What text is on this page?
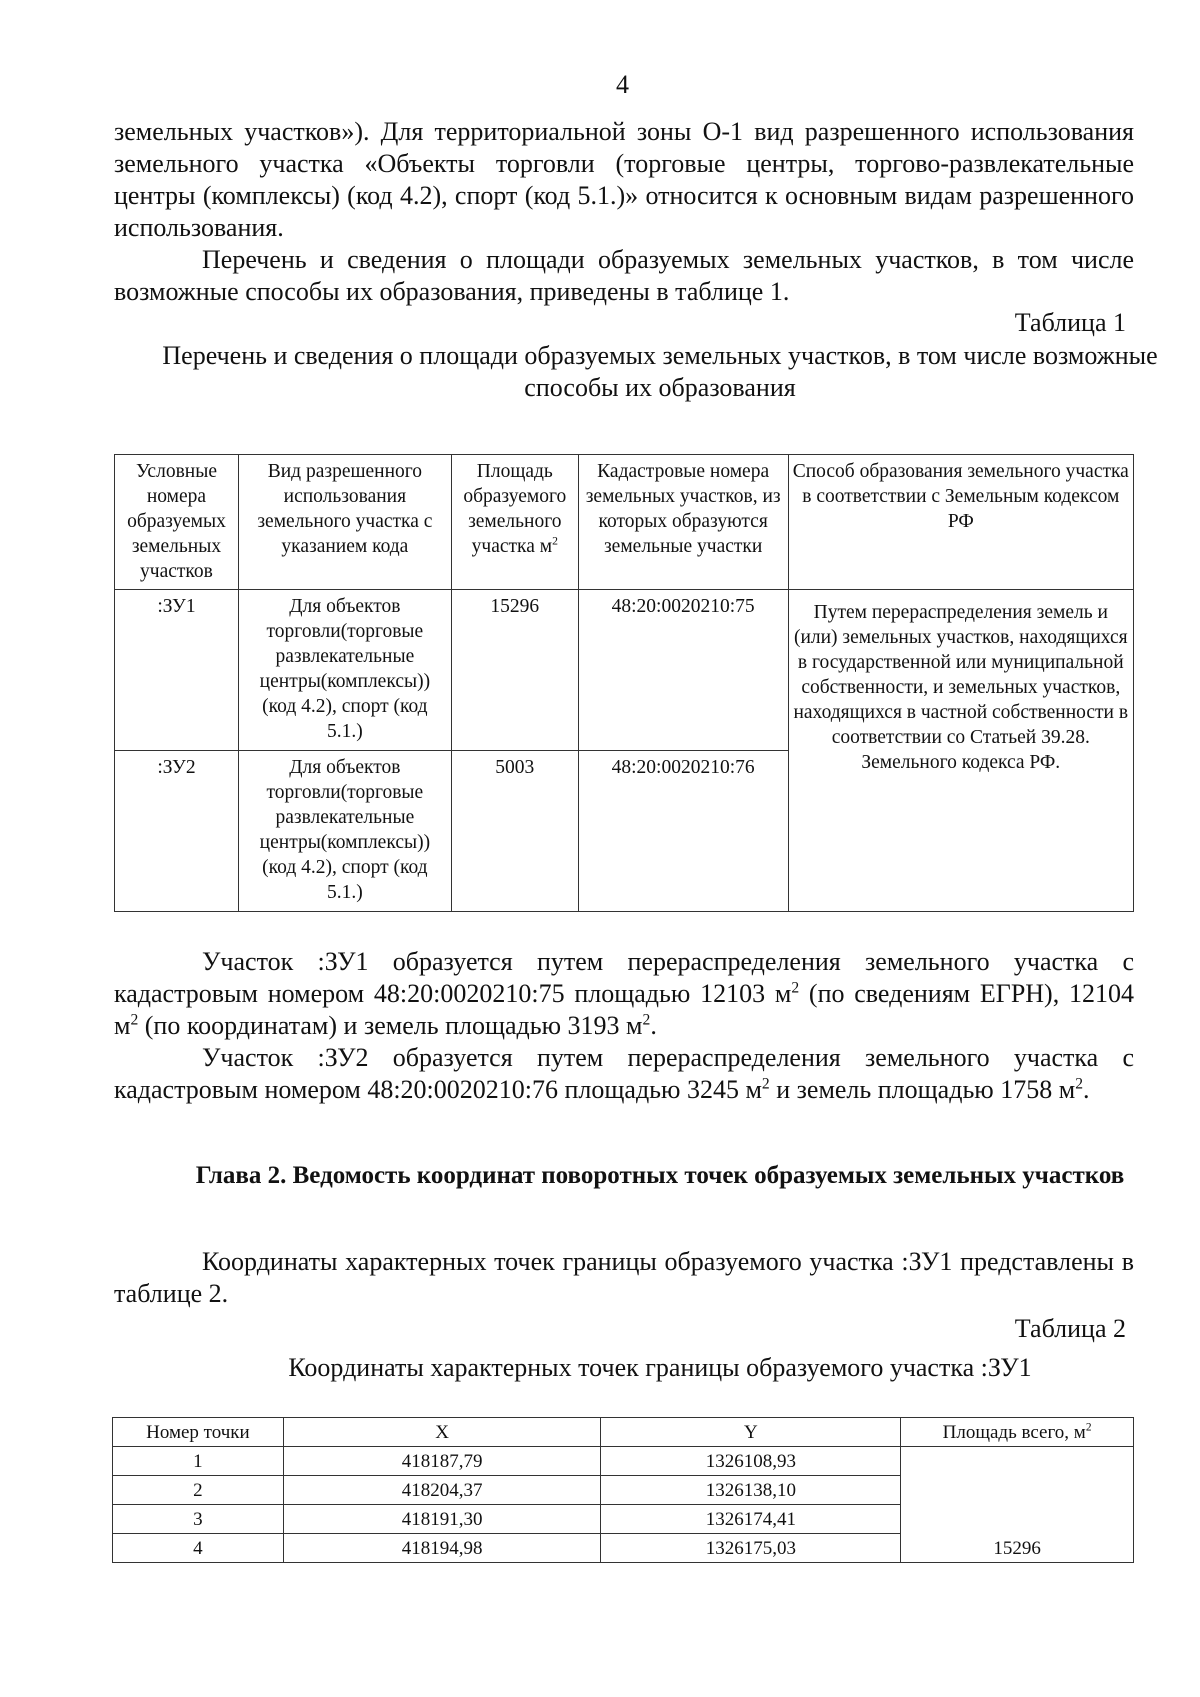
4

земельных участков»). Для территориальной зоны О-1 вид разрешенного использования земельного участка «Объекты торговли (торговые центры, торгово-развлекательные центры (комплексы) (код 4.2), спорт (код 5.1.)» относится к основным видам разрешенного использования.

Перечень и сведения о площади образуемых земельных участков, в том числе возможные способы их образования, приведены в таблице 1.

Таблица 1
Перечень и сведения о площади образуемых земельных участков, в том числе возможные способы их образования
Условные номера образуемых земельных участков	Вид разрешенного использования земельного участка с указанием кода	Площадь образуемого земельного участка $м^2$	Кадастровые номера земельных участков, из которых образуются земельные участки	Способ образования земельного участка в соответствии с Земельным кодексом РФ
:ЗУ1	Для объектов торговли(торговые развлекательные центры(комплексы)) (код 4.2), спорт (код 5.1.)	15296	48:20:0020210:75	Путем перераспределения земель и (или) земельных участков, находящихся в государственной или муниципальной собственности, и земельных участков, находящихся в частной собственности в соответствии со Статьей 39.28. Земельного кодекса РФ.
:ЗУ2	Для объектов торговли(торговые развлекательные центры(комплексы)) (код 4.2), спорт (код 5.1.)	5003	48:20:0020210:76	

Участок :ЗУ1 образуется путем перераспределения земельного участка с кадастровым номером 48:20:0020210:75 площадью 12103 $м^2$ (по сведениям ЕГРН), 12104 $м^2$ (по координатам) и земель площадью 3193 $м^2$.

Участок :ЗУ2 образуется путем перераспределения земельного участка с кадастровым номером 48:20:0020210:76 площадью 3245 $м^2$ и земель площадью 1758 $м^2$.

Глава 2. Ведомость координат поворотных точек образуемых земельных участков

Координаты характерных точек границы образуемого участка :ЗУ1 представлены в таблице 2.

Таблица 2
Координаты характерных точек границы образуемого участка :ЗУ1
Номер точки	X	Y	Площадь всего, $м^2$
1	418187,79	1326108,93	15296
2	418204,37	1326138,10	
3	418191,30	1326174,41	
4	418194,98	1326175,03	
